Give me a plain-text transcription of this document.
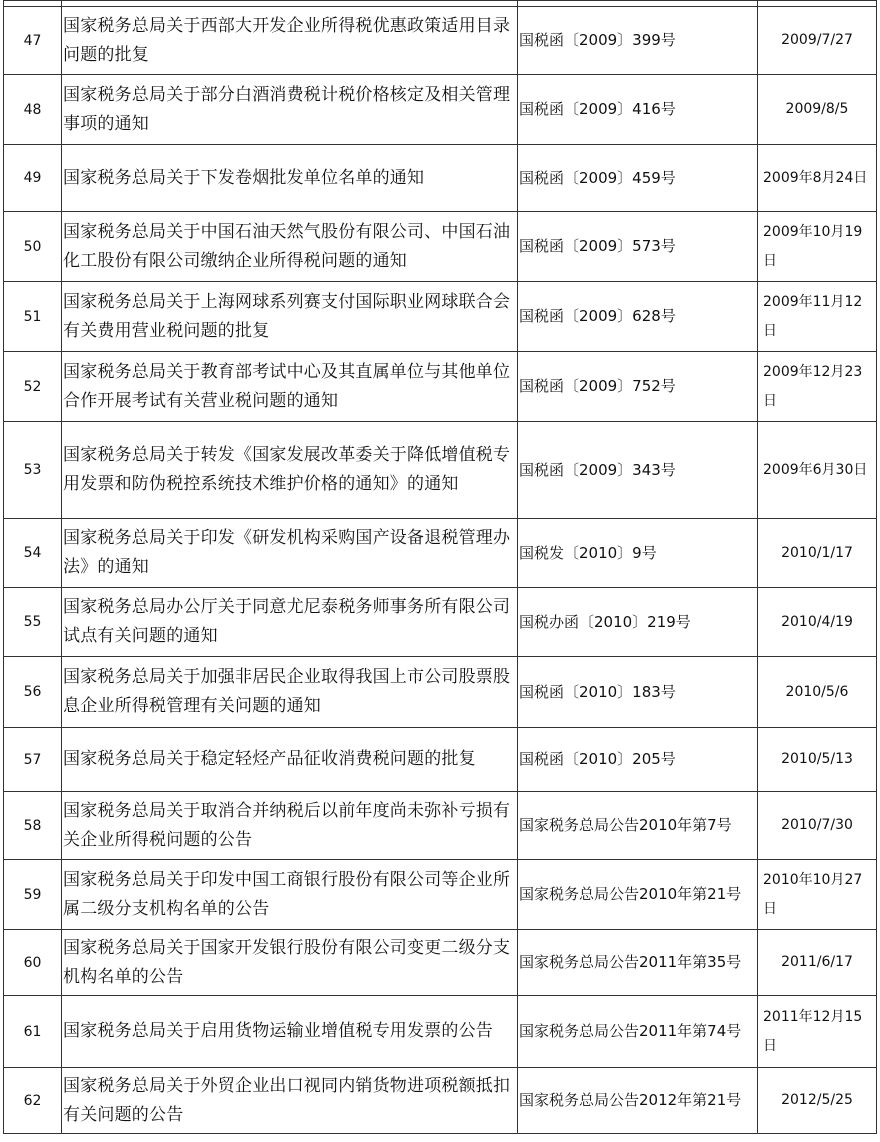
47	国家税务总局关于西部大开发企业所得税优惠政策适用目录问题的批复	国税函〔2009〕399号	2009/7/27
48	国家税务总局关于部分白酒消费税计税价格核定及相关管理事项的通知	国税函〔2009〕416号	2009/8/5
49	国家税务总局关于下发卷烟批发单位名单的通知	国税函〔2009〕459号	2009年8月24日
50	国家税务总局关于中国石油天然气股份有限公司、中国石油化工股份有限公司缴纳企业所得税问题的通知	国税函〔2009〕573号	2009年10月19日
51	国家税务总局关于上海网球系列赛支付国际职业网球联合会有关费用营业税问题的批复	国税函〔2009〕628号	2009年11月12日
52	国家税务总局关于教育部考试中心及其直属单位与其他单位合作开展考试有关营业税问题的通知	国税函〔2009〕752号	2009年12月23日
53	国家税务总局关于转发《国家发展改革委关于降低增值税专用发票和防伪税控系统技术维护价格的通知》的通知	国税函〔2009〕343号	2009年6月30日
54	国家税务总局关于印发《研发机构采购国产设备退税管理办法》的通知	国税发〔2010〕9号	2010/1/17
55	国家税务总局办公厅关于同意尤尼泰税务师事务所有限公司试点有关问题的通知	国税办函〔2010〕219号	2010/4/19
56	国家税务总局关于加强非居民企业取得我国上市公司股票股息企业所得税管理有关问题的通知	国税函〔2010〕183号	2010/5/6
57	国家税务总局关于稳定轻烃产品征收消费税问题的批复	国税函〔2010〕205号	2010/5/13
58	国家税务总局关于取消合并纳税后以前年度尚未弥补亏损有关企业所得税问题的公告	国家税务总局公告2010年第7号	2010/7/30
59	国家税务总局关于印发中国工商银行股份有限公司等企业所属二级分支机构名单的公告	国家税务总局公告2010年第21号	2010年10月27日
60	国家税务总局关于国家开发银行股份有限公司变更二级分支机构名单的公告	国家税务总局公告2011年第35号	2011/6/17
61	国家税务总局关于启用货物运输业增值税专用发票的公告	国家税务总局公告2011年第74号	2011年12月15日
62	国家税务总局关于外贸企业出口视同内销货物进项税额抵扣有关问题的公告	国家税务总局公告2012年第21号	2012/5/25
